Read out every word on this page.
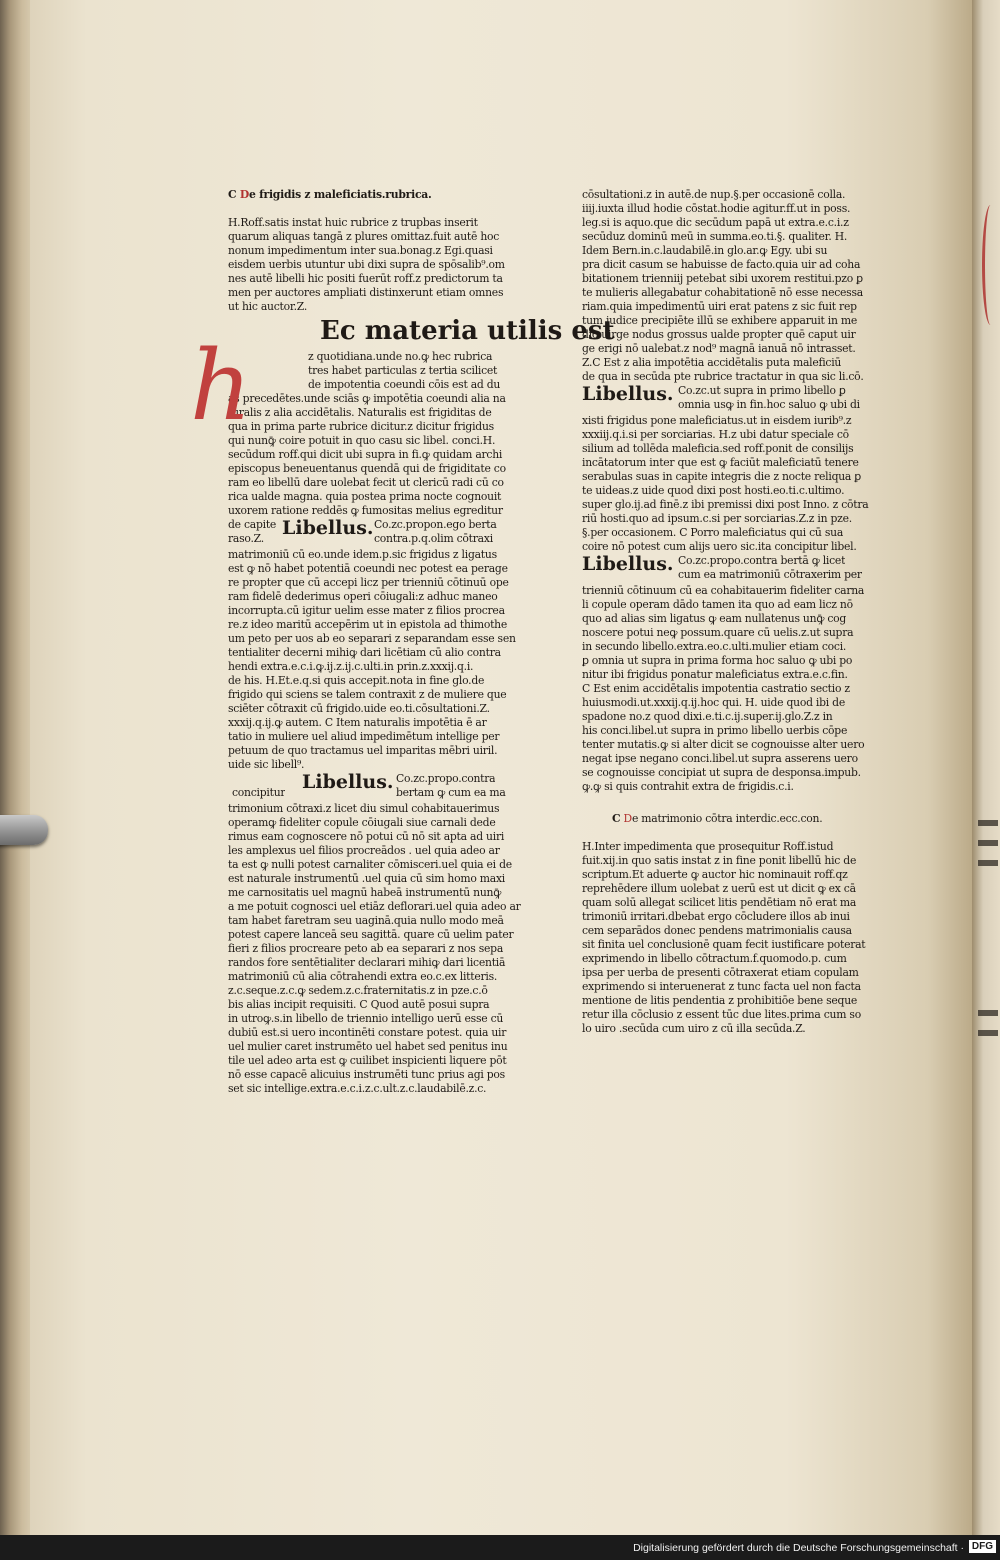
C De frigidis z maleficiatis.rubrica.
H.Roff.satis instat huic rubrice z trupbas inserit
quarum aliquas tangā z plures omittaz.fuit autē hoc
nonum impedimentum inter sua.bonag.z Egi.quasi
eisdem uerbis utuntur ubi dixi supra de spōsalib⁹.om
nes autē libelli hic positi fuerūt roff.z predictorum ta
men per auctores ampliati distinxerunt etiam omnes
ut hic auctor.Z.
h	Ec materia utilis est
z quotidiana.unde no.ꝙ hec rubrica
tres habet particulas z tertia scilicet
de impotentia coeundi cōis est ad du
as precedētes.unde sciās ꝙ impotētia coeundi alia na
turalis z alia accidētalis. Naturalis est frigiditas de
qua in prima parte rubrice dicitur.z dicitur frigidus
qui nunꝙ̄ coire potuit in quo casu sic libel. conci.H.
secūdum roff.qui dicit ubi supra in fi.ꝙ quidam archi
episcopus beneuentanus quendā qui de frigiditate co
ram eo libellū dare uolebat fecit ut clericū radi cū co
rica ualde magna. quia postea prima nocte cognouit
uxorem ratione reddēs ꝙ fumositas melius egreditur
de capite
raso.Z. Libellus. Co.zc.propon.ego berta
contra.p.q.olim cōtraxi
matrimoniū cū eo.unde idem.p.sic frigidus z ligatus
est ꝙ nō habet potentiā coeundi nec potest ea perage
re propter que cū accepi licz per trienniū cōtinuū ope
ram fidelē dederimus operi cōiugali:z adhuc maneo
incorrupta.cū igitur uelim esse mater z filios procrea
re.z ideo maritū accepērim ut in epistola ad thimothe
um peto per uos ab eo separari z separandam esse sen
tentialiter decerni mihiꝙ dari licētiam cū alio contra
hendi extra.e.c.i.ꝙ.ij.z.ij.c.ulti.in prin.z.xxxij.q.i.
de his. H.Et.e.q.si quis accepit.nota in fine glo.de
frigido qui sciens se talem contraxit z de muliere que
sciēter cōtraxit cū frigido.uide eo.ti.cōsultationi.Z.
xxxij.q.ij.ꝙ autem. C Item naturalis impotētia ē ar
tatio in muliere uel aliud impedimētum intellige per
petuum de quo tractamus uel imparitas mēbri uiril.
uide sic libell⁹.
concipitur Libellus. Co.zc.propo.contra
bertam ꝙ cum ea ma
trimonium cōtraxi.z licet diu simul cohabitauerimus
operamꝙ fideliter copule cōiugali siue carnali dede
rimus eam cognoscere nō potui cū nō sit apta ad uiri
les amplexus uel filios procreādos . uel quia adeo ar
ta est ꝙ nulli potest carnaliter cōmisceri.uel quia ei de
est naturale instrumentū .uel quia cū sim homo maxi
me carnositatis uel magnū habeā instrumentū nunꝙ̄
a me potuit cognosci uel etiāz deflorari.uel quia adeo ar
tam habet faretram seu uaginā.quia nullo modo meā
potest capere lanceā seu sagittā. quare cū uelim pater
fieri z filios procreare peto ab ea separari z nos sepa
randos fore sentētialiter declarari mihiꝙ dari licentiā
matrimoniū cū alia cōtrahendi extra eo.c.ex litteris.
z.c.seque.z.c.ꝙ sedem.z.c.fraternitatis.z in pze.c.ō
bis alias incipit requisiti. C Quod autē posui supra
in utroꝙ.s.in libello de triennio intelligo uerū esse cū
dubiū est.si uero incontinēti constare potest. quia uir
uel mulier caret instrumēto uel habet sed penitus inu
tile uel adeo arta est ꝙ cuilibet inspicienti liquere pōt
nō esse capacē alicuius instrumēti tunc prius agi pos
set sic intellige.extra.e.c.i.z.c.ult.z.c.laudabilē.z.c.
cōsultationi.z in autē.de nup.§.per occasionē colla.
iiij.iuxta illud hodie cōstat.hodie agitur.ff.ut in poss.
leg.si is aquo.que dic secūdum papā ut extra.e.c.i.z
secūduz dominū meū in summa.eo.ti.§. qualiter. H.
Idem Bern.in.c.laudabilē.in glo.ar.ꝙ Egy. ubi su
pra dicit casum se habuisse de facto.quia uir ad coha
bitationem trienniij petebat sibi uxorem restitui.pzo ꝑ
te mulieris allegabatur cohabitationē nō esse necessa
riam.quia impedimentū uiri erat patens z sic fuit rep
tum iudice precipiēte illū se exhibere apparuit in me
dio uirge nodus grossus ualde propter quē caput uir
ge erigi nō ualebat.z nod⁹ magnā ianuā nō intrasset.
Z.C Est z alia impotētia accidētalis puta maleficiū
de qua in secūda pte rubrice tractatur in qua sic li.cō.
Libellus. Co.zc.ut supra in primo libello ꝑ
omnia usꝙ in fin.hoc saluo ꝙ ubi di
xisti frigidus pone maleficiatus.ut in eisdem iurib⁹.z
xxxiij.q.i.si per sorciarias. H.z ubi datur speciale cō
silium ad tollēda maleficia.sed roff.ponit de consilijs
incātatorum inter que est ꝙ faciūt maleficiatū tenere
serabulas suas in capite integris die z nocte reliqua ꝑ
te uideas.z uide quod dixi post hosti.eo.ti.c.ultimo.
super glo.ij.ad finē.z ibi premissi dixi post Inno. z cōtra
riū hosti.quo ad ipsum.c.si per sorciarias.Z.z in pze.
§.per occasionem. C Porro maleficiatus qui cū sua
coire nō potest cum alijs uero sic.ita concipitur libel.
Libellus. Co.zc.propo.contra bertā ꝙ licet
cum ea matrimoniū cōtraxerim per
trienniū cōtinuum cū ea cohabitauerim fideliter carna
li copule operam dādo tamen ita quo ad eam licz nō
quo ad alias sim ligatus ꝙ eam nullatenus unꝙ̄ cog
noscere potui neꝙ possum.quare cū uelis.z.ut supra
in secundo libello.extra.eo.c.ulti.mulier etiam coci.
ꝑ omnia ut supra in prima forma hoc saluo ꝙ ubi po
nitur ibi frigidus ponatur maleficiatus extra.e.c.fin.
C Est enim accidētalis impotentia castratio sectio z
huiusmodi.ut.xxxij.q.ij.hoc qui. H. uide quod ibi de
spadone no.z quod dixi.e.ti.c.ij.super.ij.glo.Z.z in
his conci.libel.ut supra in primo libello uerbis cōpe
tenter mutatis.ꝙ si alter dicit se cognouisse alter uero
negat ipse negano conci.libel.ut supra asserens uero
se cognouisse concipiat ut supra de desponsa.impub.
ꝙ.ꝙ si quis contrahit extra de frigidis.c.i.
C De matrimonio cōtra interdic.ecc.con.
H.Inter impedimenta que prosequitur Roff.istud
fuit.xij.in quo satis instat z in fine ponit libellū hic de
scriptum.Et aduerte ꝙ auctor hic nominauit roff.qz
reprehēdere illum uolebat z uerū est ut dicit ꝙ ex cā
quam solū allegat scilicet litis pendētiam nō erat ma
trimoniū irritari.dbebat ergo cōcludere illos ab inui
cem separādos donec pendens matrimonialis causa
sit finita uel conclusionē quam fecit iustificare poterat
exprimendo in libello cōtractum.f.quomodo.p. cum
ipsa per uerba de presenti cōtraxerat etiam copulam
exprimendo si interuenerat z tunc facta uel non facta
mentione de litis pendentia z prohibitiōe bene seque
retur illa cōclusio z essent tūc due lites.prima cum so
lo uiro .secūda cum uiro z cū illa secūda.Z.
Digitalisierung gefördert durch die Deutsche Forschungsgemeinschaft · DFG
